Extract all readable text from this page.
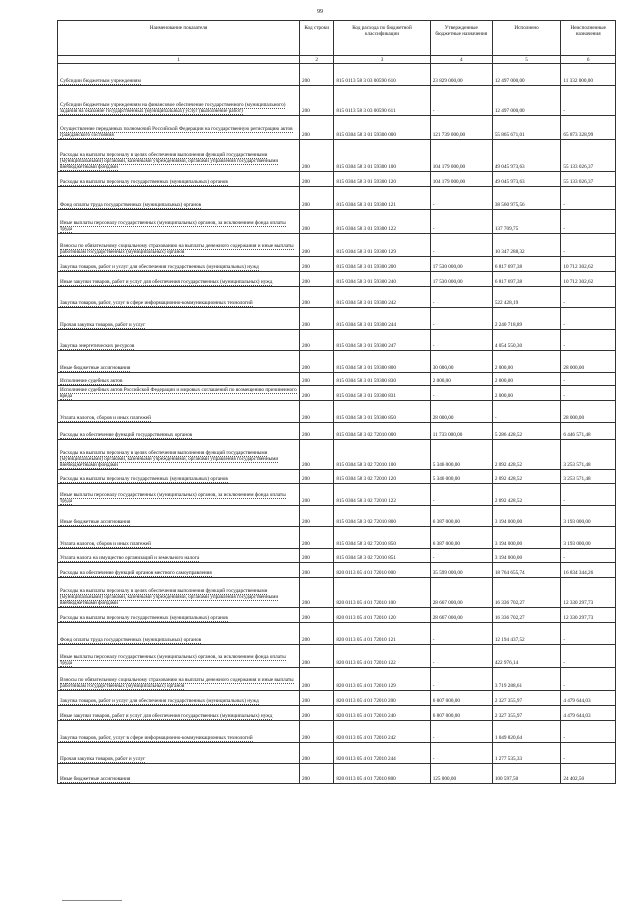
99
Наименование показателя	Код строки	Код расхода по бюджетной классификации	Утвержденные бюджетные назначения	Исполнено	Неисполненные назначения
1	2	3	4	5	6
Субсидии бюджетным учреждениям	200	815 0113 58 3 03 00590 610	23 829 000,00	12 497 000,00	11 332 000,00
Субсидии бюджетным учреждениям на финансовое обеспечение государственного (муниципального) задания на оказание государственных (муниципальных) услуг (выполнение работ)	200	815 0113 58 3 03 00590 611	-	12 497 000,00	-
Осуществление переданных полномочий Российской Федерации на государственную регистрацию актов гражданского состояния	200	815 0304 58 3 01 59300 000	121 739 000,00	55 865 671,01	65 873 328,99
Расходы на выплаты персоналу в целях обеспечения выполнения функций государственными (муниципальными) органами, казенными учреждениями, органами управления государственными внебюджетными фондами	200	815 0304 58 3 01 59300 100	104 179 000,00	49 045 973,63	55 133 026,37
Расходы на выплаты персоналу государственных (муниципальных) органов	200	815 0304 58 3 01 59300 120	104 179 000,00	49 045 973,63	55 133 026,37
Фонд оплаты труда государственных (муниципальных) органов	200	815 0304 58 3 01 59300 121	-	38 560 975,56	-
Иные выплаты персоналу государственных (муниципальных) органов, за исключением фонда оплаты труда	200	815 0304 58 3 01 59300 122	-	137 709,75	-
Взносы по обязательному социальному страхованию на выплаты денежного содержания и иные выплаты работникам государственных (муниципальных) органов	200	815 0304 58 3 01 59300 129	-	10 347 288,32	-
Закупка товаров, работ и услуг для обеспечения государственных (муниципальных) нужд	200	815 0304 58 3 01 59300 200	17 530 000,00	6 817 697,38	10 712 302,62
Иные закупки товаров, работ и услуг для обеспечения государственных (муниципальных) нужд	200	815 0304 58 3 01 59300 240	17 530 000,00	6 817 697,38	10 712 302,62
Закупка товаров, работ, услуг в сфере информационно-коммуникационных технологий	200	815 0304 58 3 01 59300 242	-	522 428,19	-
Прочая закупка товаров, работ и услуг	200	815 0304 58 3 01 59300 244	-	2 240 718,89	-
Закупка энергетических ресурсов	200	815 0304 58 3 01 59300 247	-	4 054 550,30	-
Иные бюджетные ассигнования	200	815 0304 58 3 01 59300 800	30 000,00	2 000,00	28 000,00
Исполнение судебных актов	200	815 0304 58 3 01 59300 830	2 000,00	2 000,00	-
Исполнение судебных актов Российской Федерации и мировых соглашений по возмещению причиненного вреда	200	815 0304 58 3 01 59300 831	-	2 000,00	-
Уплата налогов, сборов и иных платежей	200	815 0304 58 3 01 59300 850	28 000,00	-	28 000,00
Расходы на обеспечение функций государственных органов	200	815 0304 58 3 02 72010 000	11 733 000,00	5 286 428,52	6 446 571,48
Расходы на выплаты персоналу в целях обеспечения выполнения функций государственными (муниципальными) органами, казенными учреждениями, органами управления государственными внебюджетными фондами	200	815 0304 58 3 02 72010 100	5 346 000,00	2 092 428,52	3 253 571,48
Расходы на выплаты персоналу государственных (муниципальных) органов	200	815 0304 58 3 02 72010 120	5 346 000,00	2 092 428,52	3 253 571,48
Иные выплаты персоналу государственных (муниципальных) органов, за исключением фонда оплаты труда	200	815 0304 58 3 02 72010 122	-	2 092 428,52	-
Иные бюджетные ассигнования	200	815 0304 58 3 02 72010 800	6 387 000,00	3 194 000,00	3 193 000,00
Уплата налогов, сборов и иных платежей	200	815 0304 58 3 02 72010 850	6 387 000,00	3 194 000,00	3 193 000,00
Уплата налога на имущество организаций и земельного налога	200	815 0304 58 3 02 72010 851	-	3 194 000,00	-
Расходы на обеспечение функций органов местного самоуправления	200	820 0113 05 4 01 72010 000	35 599 000,00	18 764 655,74	16 834 344,26
Расходы на выплаты персоналу в целях обеспечения выполнения функций государственными (муниципальными) органами, казенными учреждениями, органами управления государственными внебюджетными фондами	200	820 0113 05 4 01 72010 100	28 667 000,00	16 336 702,27	12 330 297,73
Расходы на выплаты персоналу государственных (муниципальных) органов	200	820 0113 05 4 01 72010 120	28 667 000,00	16 336 702,27	12 330 297,73
Фонд оплаты труда государственных (муниципальных) органов	200	820 0113 05 4 01 72010 121	-	12 194 437,52	-
Иные выплаты персоналу государственных (муниципальных) органов, за исключением фонда оплаты труда	200	820 0113 05 4 01 72010 122	-	422 976,14	-
Взносы по обязательному социальному страхованию на выплаты денежного содержания и иные выплаты работникам государственных (муниципальных) органов	200	820 0113 05 4 01 72010 129	-	3 719 288,61	-
Закупка товаров, работ и услуг для обеспечения государственных (муниципальных) нужд	200	820 0113 05 4 01 72010 200	6 807 000,00	2 327 355,97	4 479 644,03
Иные закупки товаров, работ и услуг для обеспечения государственных (муниципальных) нужд	200	820 0113 05 4 01 72010 240	6 807 000,00	2 327 355,97	4 479 644,03
Закупка товаров, работ, услуг в сфере информационно-коммуникационных технологий	200	820 0113 05 4 01 72010 242	-	1 049 820,64	-
Прочая закупка товаров, работ и услуг	200	820 0113 05 4 01 72010 244	-	1 277 535,33	-
Иные бюджетные ассигнования	200	820 0113 05 4 01 72010 800	125 000,00	100 597,50	24 402,50
